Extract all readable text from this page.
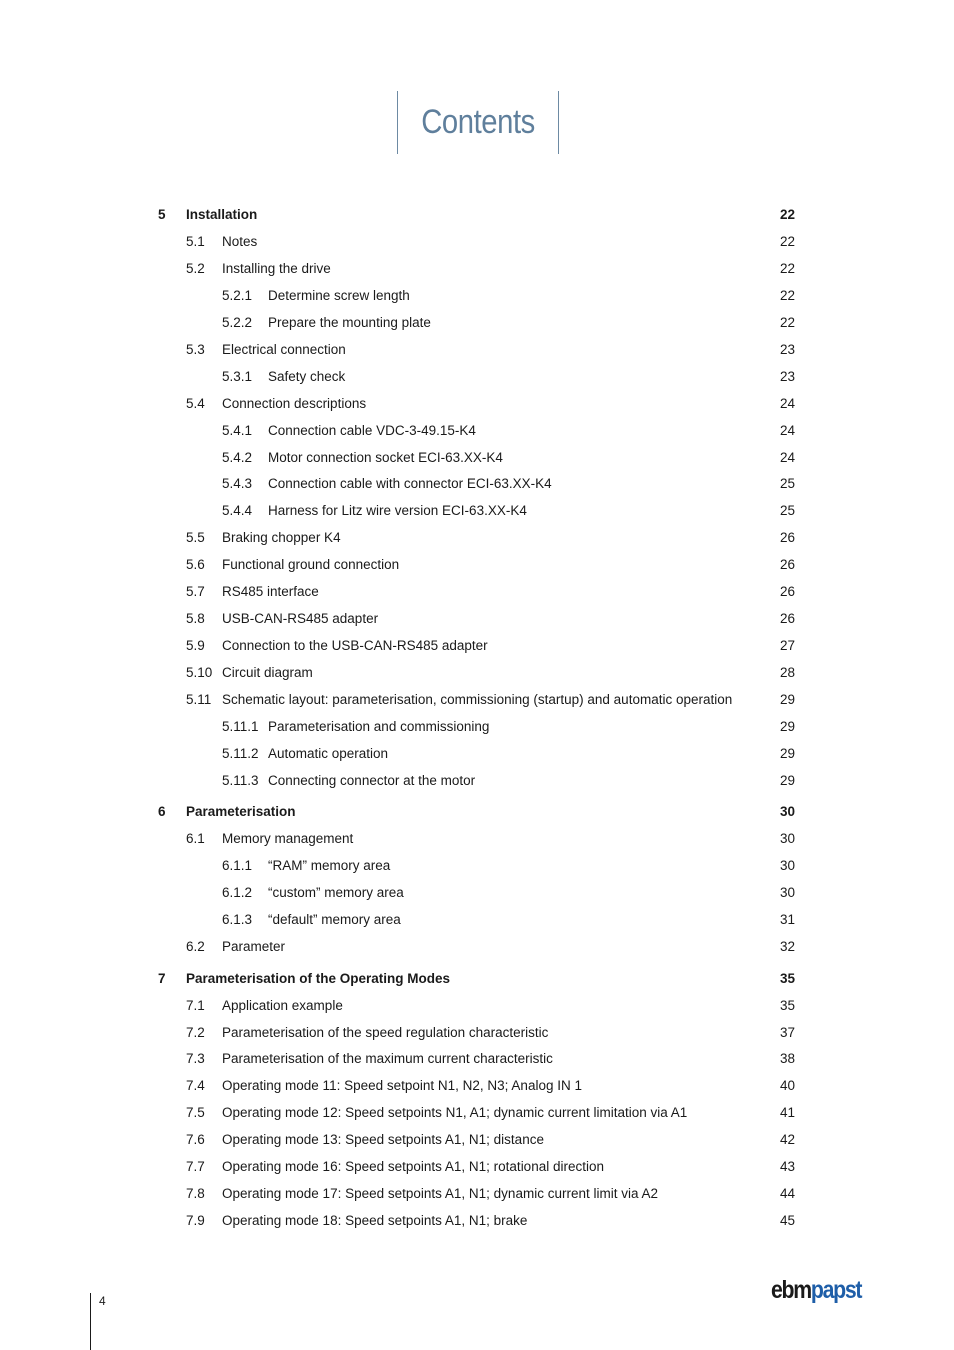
Contents
5 Installation	22
5.1 Notes	22
5.2 Installing the drive	22
5.2.1 Determine screw length	22
5.2.2 Prepare the mounting plate	22
5.3 Electrical connection	23
5.3.1 Safety check	23
5.4 Connection descriptions	24
5.4.1 Connection cable VDC-3-49.15-K4	24
5.4.2 Motor connection socket ECI-63.XX-K4	24
5.4.3 Connection cable with connector ECI-63.XX-K4	25
5.4.4 Harness for Litz wire version ECI-63.XX-K4	25
5.5 Braking chopper K4	26
5.6 Functional ground connection	26
5.7 RS485 interface	26
5.8 USB-CAN-RS485 adapter	26
5.9 Connection to the USB-CAN-RS485 adapter	27
5.10 Circuit diagram	28
5.11 Schematic layout: parameterisation, commissioning (startup) and automatic operation	29
5.11.1 Parameterisation and commissioning	29
5.11.2 Automatic operation	29
5.11.3 Connecting connector at the motor	29
6 Parameterisation	30
6.1 Memory management	30
6.1.1 “RAM” memory area	30
6.1.2 “custom” memory area	30
6.1.3 “default” memory area	31
6.2 Parameter	32
7 Parameterisation of the Operating Modes	35
7.1 Application example	35
7.2 Parameterisation of the speed regulation characteristic	37
7.3 Parameterisation of the maximum current characteristic	38
7.4 Operating mode 11: Speed setpoint N1, N2, N3; Analog IN 1	40
7.5 Operating mode 12: Speed setpoints N1, A1; dynamic current limitation via A1	41
7.6 Operating mode 13: Speed setpoints A1, N1; distance	42
7.7 Operating mode 16: Speed setpoints A1, N1; rotational direction	43
7.8 Operating mode 17: Speed setpoints A1, N1; dynamic current limit via A2	44
7.9 Operating mode 18: Speed setpoints A1, N1; brake	45
4	ebmpapst
